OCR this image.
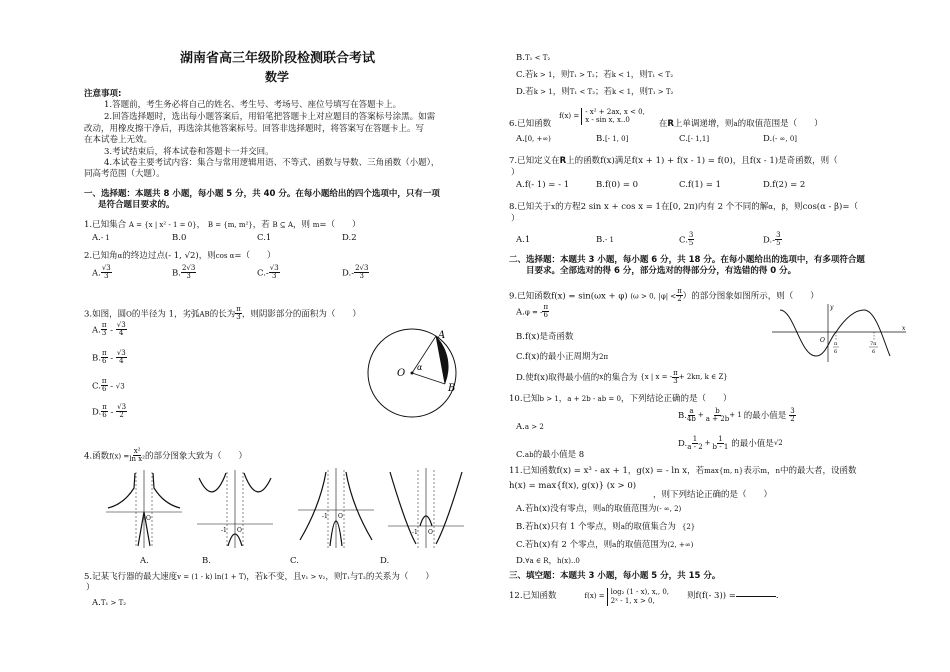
湖南省高三年级阶段检测联合考试
数学
注意事项:
1.答题前，考生务必将自己的姓名、考生号、考场号、座位号填写在答题卡上。
2.回答选择题时，选出每小题答案后，用铅笔把答题卡上对应题目的答案标号涂黑。如需
改动，用橡皮擦干净后，再选涂其他答案标号。回答非选择题时，将答案写在答题卡上。写
在本试卷上无效。
3.考试结束后，将本试卷和答题卡一并交回。
4.本试卷主要考试内容：集合与常用逻辑用语、不等式、函数与导数、三角函数（小题），
同高考范围（大题）。
一、选择题：本题共 8 小题，每小题 5 分，共 40 分。在每小题给出的四个选项中，只有一项
是符合题目要求的。
1.已知集合 A = {x | x² - 1 = 0}， B = {m, m²}，若 B ⊆ A，则 m=（　　）
A.- 1	B.0	C.1	D.2
2.已知角α的终边过点(- 1, √2)，则cos α=（　　）
A. $\frac{√3}{3}$	B. $\frac{2√3}{3}$	$C.- \frac{√3}{3}$	$D.- \frac{2√3}{3}$
3.如图，圆O的半径为 1，劣弧AB的长为 $\frac{\pi}{3}$ ，则阴影部分的面积为（　　）
A. $\frac{\pi}{3} - \frac{√3}{4}$
B. $\frac{\pi}{6} - \frac{√3}{4}$
C. $\frac{\pi}{6} - √3$
D. $\frac{\pi}{6} - \frac{√3}{2}$
O
α
A
B
4.函数$f(x) = \frac{\text{x²}}{\text{ln x²}}$ 的部分图象大致为（　　）
O
-1 O
-1 O
-1 O
A.	B.	C.	D.
5.记某飞行器的最大速度v = (1 - k) ln(1 + T)，若k不变，且v₁ > v₂，则T₁与T₂的关系为（　　）
）
A.T₁ > T₂
B.T₁ < T₂
C.若k > 1，则T₁ > T₂；若k < 1，则T₁ < T₂
D.若k > 1，则T₁ < T₂；若k < 1，则T₁ > T₂
6.已知函数
f(x) =
- x² + 2ax, x < 0,
x - sin x, x..0	在R上单调递增，则a的取值范围是（　　）
A.[0, +∞)	B.[- 1, 0]	C.[- 1,1]	D.(- ∞, 0]
7.已知定义在R上的函数f(x)满足f(x + 1) + f(x - 1) = f(0)，且f(x - 1)是奇函数，则（
）
A.f(- 1) = - 1	B.f(0) = 0	C.f(1) = 1	D.f(2) = 2
8.已知关于x的方程2 sin x + cos x = 1在[0, 2π)内有 2 个不同的解α，β，则cos(α - β)=（
）
A.1	B.- 1	C. $\frac{3}{5}$	$D.- \frac{3}{5}$
二、选择题：本题共 3 小题，每小题 6 分，共 18 分。在每小题给出的选项中，有多项符合题
目要求。全部选对的得 6 分，部分选对的得部分分，有选错的得 0 分。
9.已知函数f(x) = sin(ωx + φ) (ω > 0, $|\varphi| < \frac{\pi}{2}$ ）的部分图象如图所示，则（　　）
A.φ = - $\frac{\pi}{6}$
B.f(x)是奇函数
C.f(x)的最小正周期为2π
D.使 f(x) 取得最小值的 x 的集合为 {x | x = - $\frac{\pi}{3} + 2k\pi$, k ∈ Z}
O
x
y
π
6
7π
6
10.已知b > 1，a + 2b - ab = 0，下列结论正确的是（　　）
A.a > 2
B. $\frac{a}{4b} + \frac{b}{a + 2b} + 1$ 的最小值是 $\frac{3}{2}$
C.ab的最小值是 8
D. $\frac{1}{a - 2} + \frac{1}{b - 1}$ 的最小值是 √2
11.已知函数f(x) = x³ - ax + 1，g(x) = - ln x，若max{m, n}表示m，n中的最大者，设函数
h(x) = max{f(x), g(x)} (x > 0)
，则下列结论正确的是（　　）
A.若h(x)没有零点，则a的取值范围为(- ∞, 2)
B.若h(x)只有 1 个零点，则a的取值集合为 {2}
C.若h(x)有 2 个零点，则a的取值范围为(2, +∞)
D.∀a ∈ R，h(x)..0
三、填空题：本题共 3 小题，每小题 5 分，共 15 分。
12.已知函数	f(x) =
log₂ (1 - x), x,, 0,
2ˣ - 1, x > 0,	则 f(f(- 3)) =	.
